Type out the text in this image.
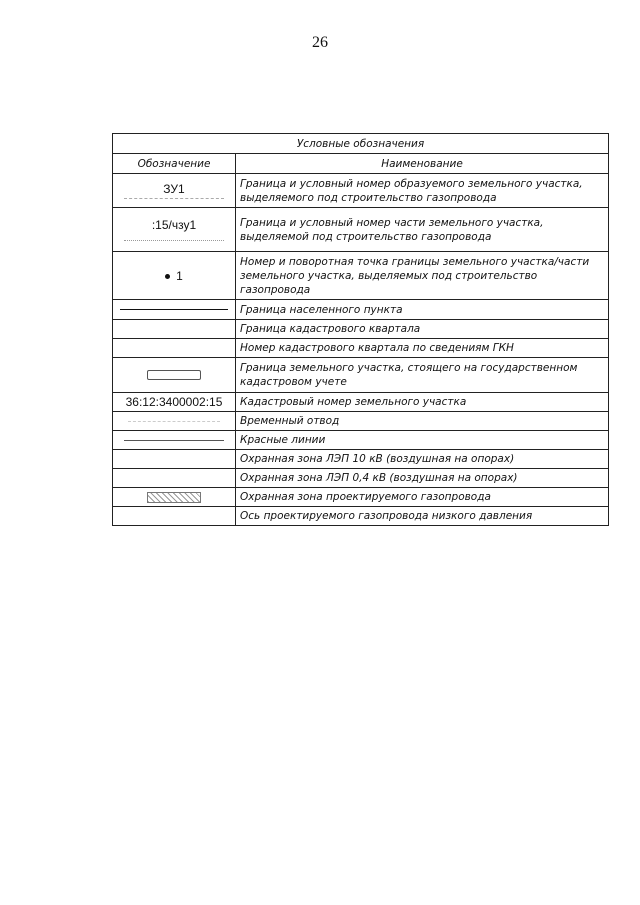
26
Условные обозначения	
Обозначение	Наименование
ЗУ1	Граница и условный номер образуемого земельного участка, выделяемого под строительство газопровода
:15/чзу1	Граница и условный номер части земельного участка, выделяемой под строительство газопровода
1	Номер и поворотная точка границы земельного участка/части земельного участка, выделяемых под строительство газопровода

	Граница населенного пункта
	Граница кадастрового квартала
	Номер кадастрового квартала по сведениям ГКН

	Граница земельного участка, стоящего на государственном кадастровом учете
36:12:3400002:15	Кадастровый номер земельного участка

	Временный отвод

	Красные линии
	Охранная зона ЛЭП 10 кВ (воздушная на опорах)
	Охранная зона ЛЭП 0,4 кВ (воздушная на опорах)

	Охранная зона проектируемого газопровода
	Ось проектируемого газопровода низкого давления
